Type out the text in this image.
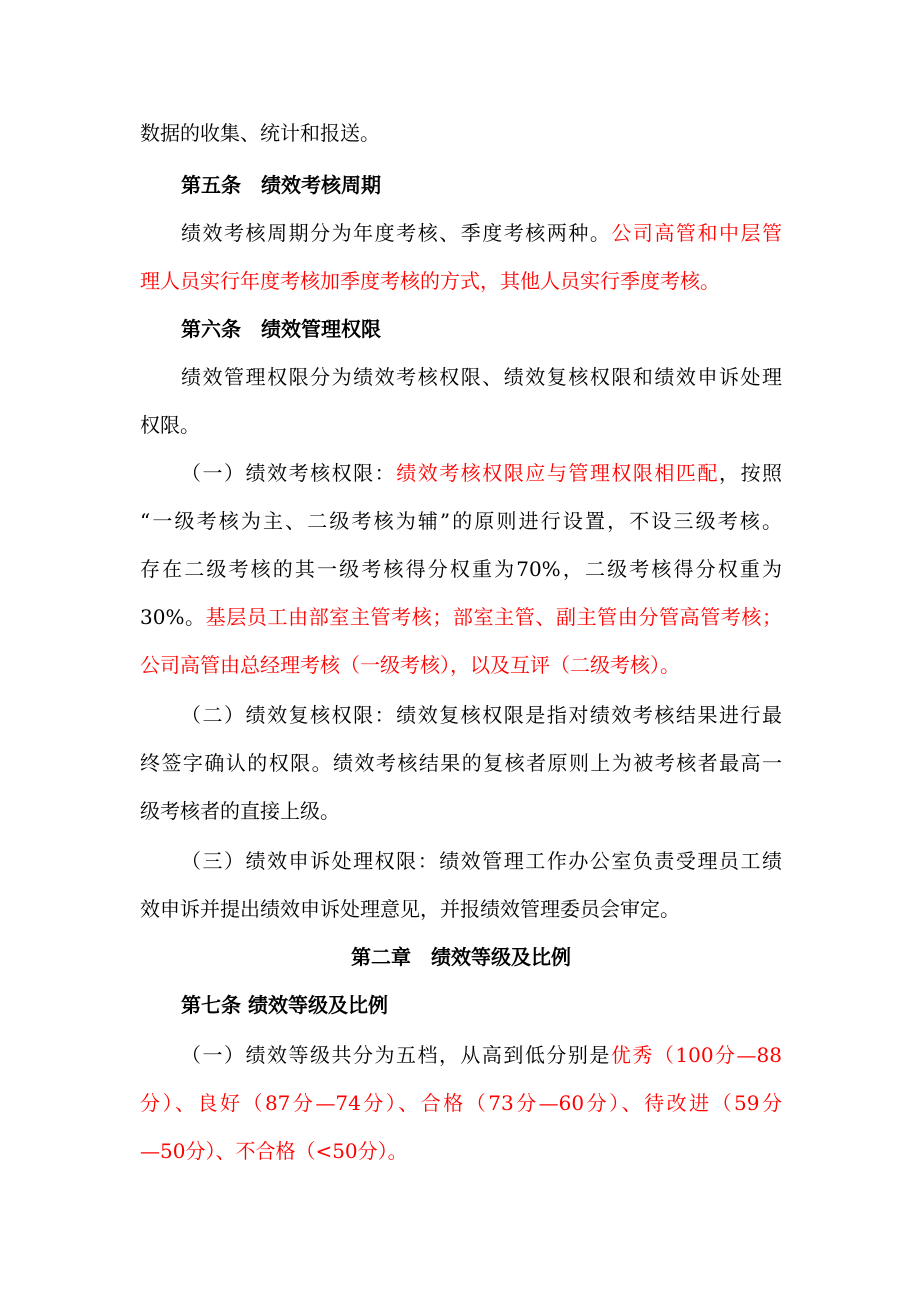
数据的收集、统计和报送。
第五条　绩效考核周期
绩效考核周期分为年度考核、季度考核两种。公司高管和中层管
理人员实行年度考核加季度考核的方式，其他人员实行季度考核。
第六条　绩效管理权限
绩效管理权限分为绩效考核权限、绩效复核权限和绩效申诉处理
权限。
（一）绩效考核权限：绩效考核权限应与管理权限相匹配，按照
“一级考核为主、二级考核为辅”的原则进行设置，不设三级考核。
存在二级考核的其一级考核得分权重为70%，二级考核得分权重为
30%。基层员工由部室主管考核；部室主管、副主管由分管高管考核；
公司高管由总经理考核（一级考核），以及互评（二级考核）。
（二）绩效复核权限：绩效复核权限是指对绩效考核结果进行最
终签字确认的权限。绩效考核结果的复核者原则上为被考核者最高一
级考核者的直接上级。
（三）绩效申诉处理权限：绩效管理工作办公室负责受理员工绩
效申诉并提出绩效申诉处理意见，并报绩效管理委员会审定。
第二章　绩效等级及比例
第七条 绩效等级及比例
（一）绩效等级共分为五档，从高到低分别是优秀（100分—88
分）、良好（87分—74分）、合格（73分—60分）、待改进（59分
—50分）、不合格（<50分）。
